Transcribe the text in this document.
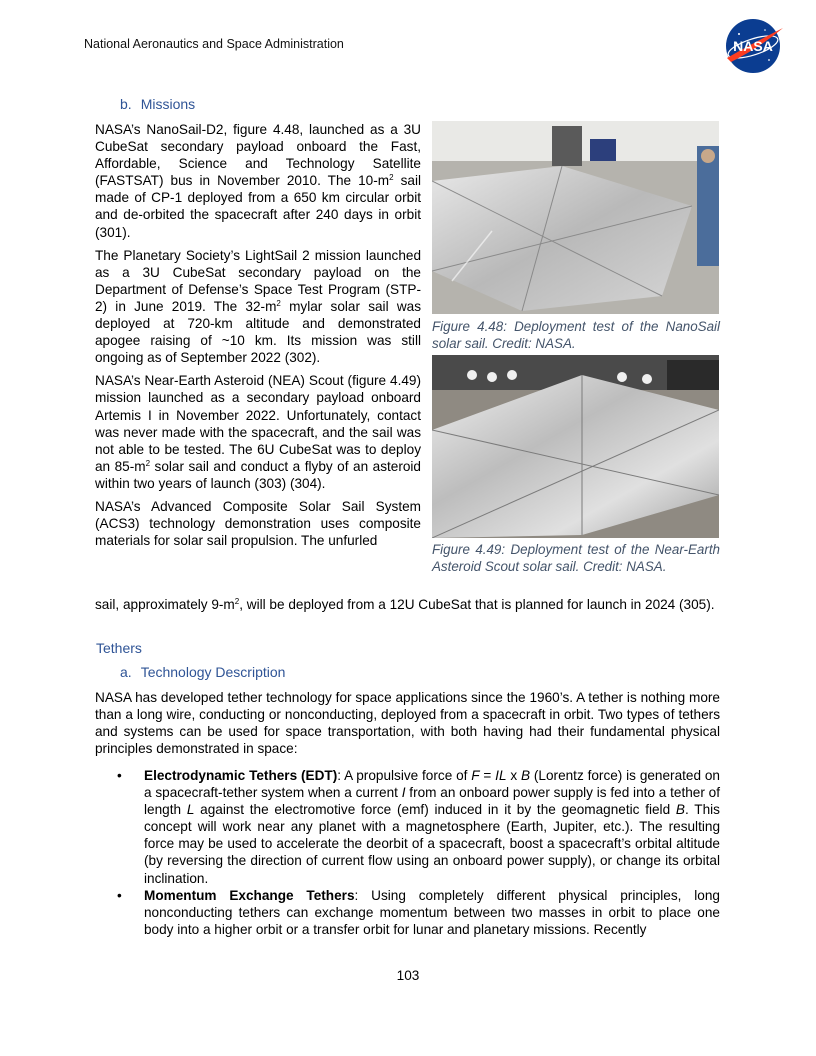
National Aeronautics and Space Administration	NASA
b. Missions

NASA’s NanoSail-D2, figure 4.48, launched as a 3U CubeSat secondary payload onboard the Fast, Affordable, Science and Technology Satellite (FASTSAT) bus in November 2010. The $10-m^2$ sail made of CP-1 deployed from a 650 km circular orbit and de-orbited the spacecraft after 240 days in orbit (301).

The Planetary Society’s LightSail 2 mission launched as a 3U CubeSat secondary payload on the Department of Defense’s Space Test Program (STP-2) in June 2019. The $32-m^2$ mylar solar sail was deployed at 720-km altitude and demonstrated apogee raising of ~10 km. Its mission was still ongoing as of September 2022 (302).

NASA’s Near-Earth Asteroid (NEA) Scout (figure 4.49) mission launched as a secondary payload onboard Artemis I in November 2022. Unfortunately, contact was never made with the spacecraft, and the sail was not able to be tested. The 6U CubeSat was to deploy an $85-m^2$ solar sail and conduct a flyby of an asteroid within two years of launch (303) (304).

NASA’s Advanced Composite Solar Sail System (ACS3) technology demonstration uses composite materials for solar sail propulsion. The unfurled

Figure 4.48: Deployment test of the NanoSail solar sail. Credit: NASA.
Figure 4.49: Deployment test of the Near-Earth Asteroid Scout solar sail. Credit: NASA.

sail, approximately $9-m^2$, will be deployed from a 12U CubeSat that is planned for launch in 2024 (305).

Tethers
a. Technology Description

NASA has developed tether technology for space applications since the 1960’s. A tether is nothing more than a long wire, conducting or nonconducting, deployed from a spacecraft in orbit. Two types of tethers and systems can be used for space transportation, with both having had their fundamental physical principles demonstrated in space:

• Electrodynamic Tethers (EDT): A propulsive force of F = IL x B (Lorentz force) is generated on a spacecraft-tether system when a current I from an onboard power supply is fed into a tether of length L against the electromotive force (emf) induced in it by the geomagnetic field B. This concept will work near any planet with a magnetosphere (Earth, Jupiter, etc.). The resulting force may be used to accelerate the deorbit of a spacecraft, boost a spacecraft’s orbital altitude (by reversing the direction of current flow using an onboard power supply), or change its orbital inclination.
• Momentum Exchange Tethers: Using completely different physical principles, long nonconducting tethers can exchange momentum between two masses in orbit to place one body into a higher orbit or a transfer orbit for lunar and planetary missions. Recently
103
